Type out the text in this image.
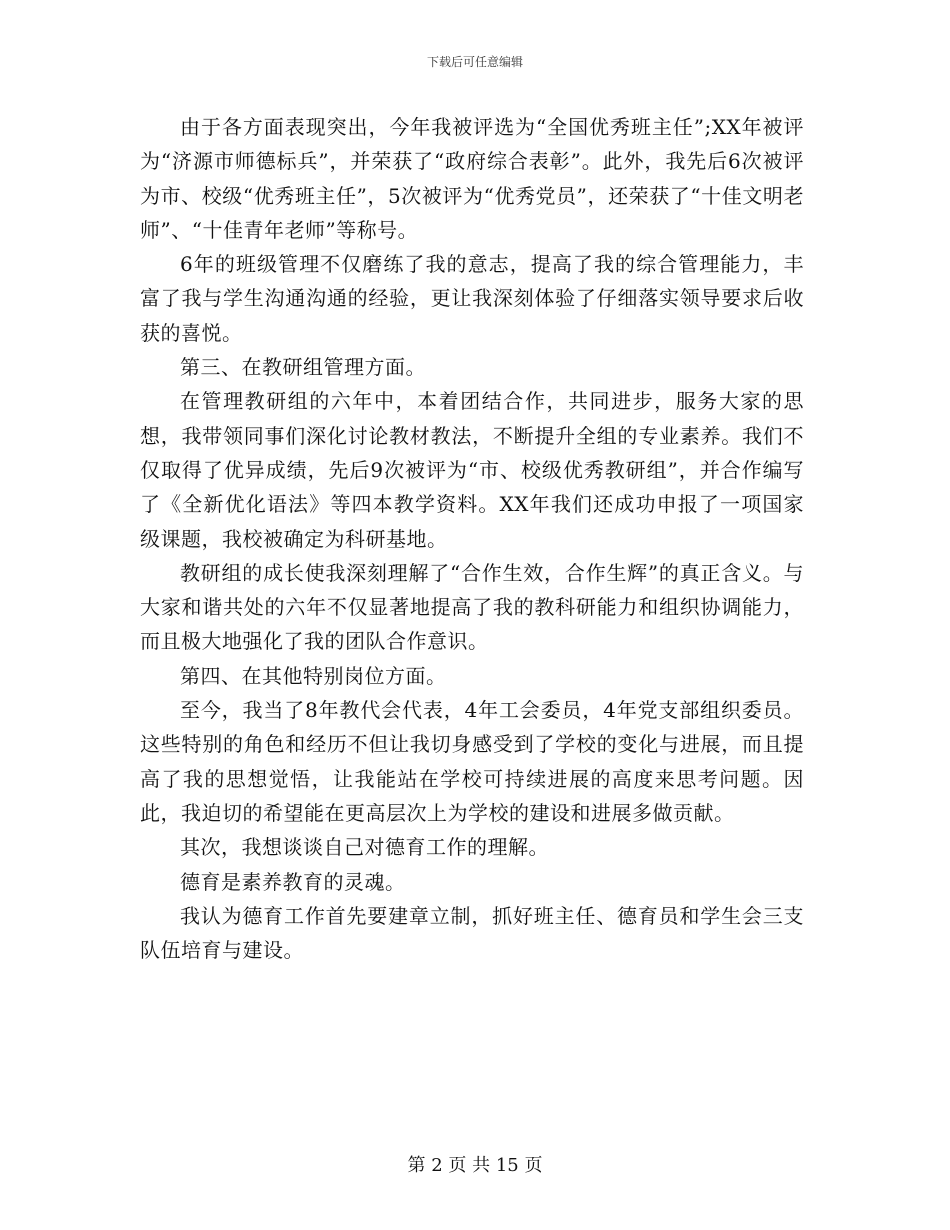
下载后可任意编辑

由于各方面表现突出，今年我被评选为“全国优秀班主任”;XX年被评为“济源市师德标兵”，并荣获了“政府综合表彰”。此外，我先后6次被评为市、校级“优秀班主任”，5次被评为“优秀党员”，还荣获了“十佳文明老师”、“十佳青年老师”等称号。

6年的班级管理不仅磨练了我的意志，提高了我的综合管理能力，丰富了我与学生沟通沟通的经验，更让我深刻体验了仔细落实领导要求后收获的喜悦。

第三、在教研组管理方面。

在管理教研组的六年中，本着团结合作，共同进步，服务大家的思想，我带领同事们深化讨论教材教法，不断提升全组的专业素养。我们不仅取得了优异成绩，先后9次被评为“市、校级优秀教研组”，并合作编写了《全新优化语法》等四本教学资料。XX年我们还成功申报了一项国家级课题，我校被确定为科研基地。

教研组的成长使我深刻理解了“合作生效，合作生辉”的真正含义。与大家和谐共处的六年不仅显著地提高了我的教科研能力和组织协调能力，而且极大地强化了我的团队合作意识。

第四、在其他特别岗位方面。

至今，我当了8年教代会代表，4年工会委员，4年党支部组织委员。这些特别的角色和经历不但让我切身感受到了学校的变化与进展，而且提高了我的思想觉悟，让我能站在学校可持续进展的高度来思考问题。因此，我迫切的希望能在更高层次上为学校的建设和进展多做贡献。

其次，我想谈谈自己对德育工作的理解。

德育是素养教育的灵魂。

我认为德育工作首先要建章立制，抓好班主任、德育员和学生会三支队伍培育与建设。

第 2 页 共 15 页
